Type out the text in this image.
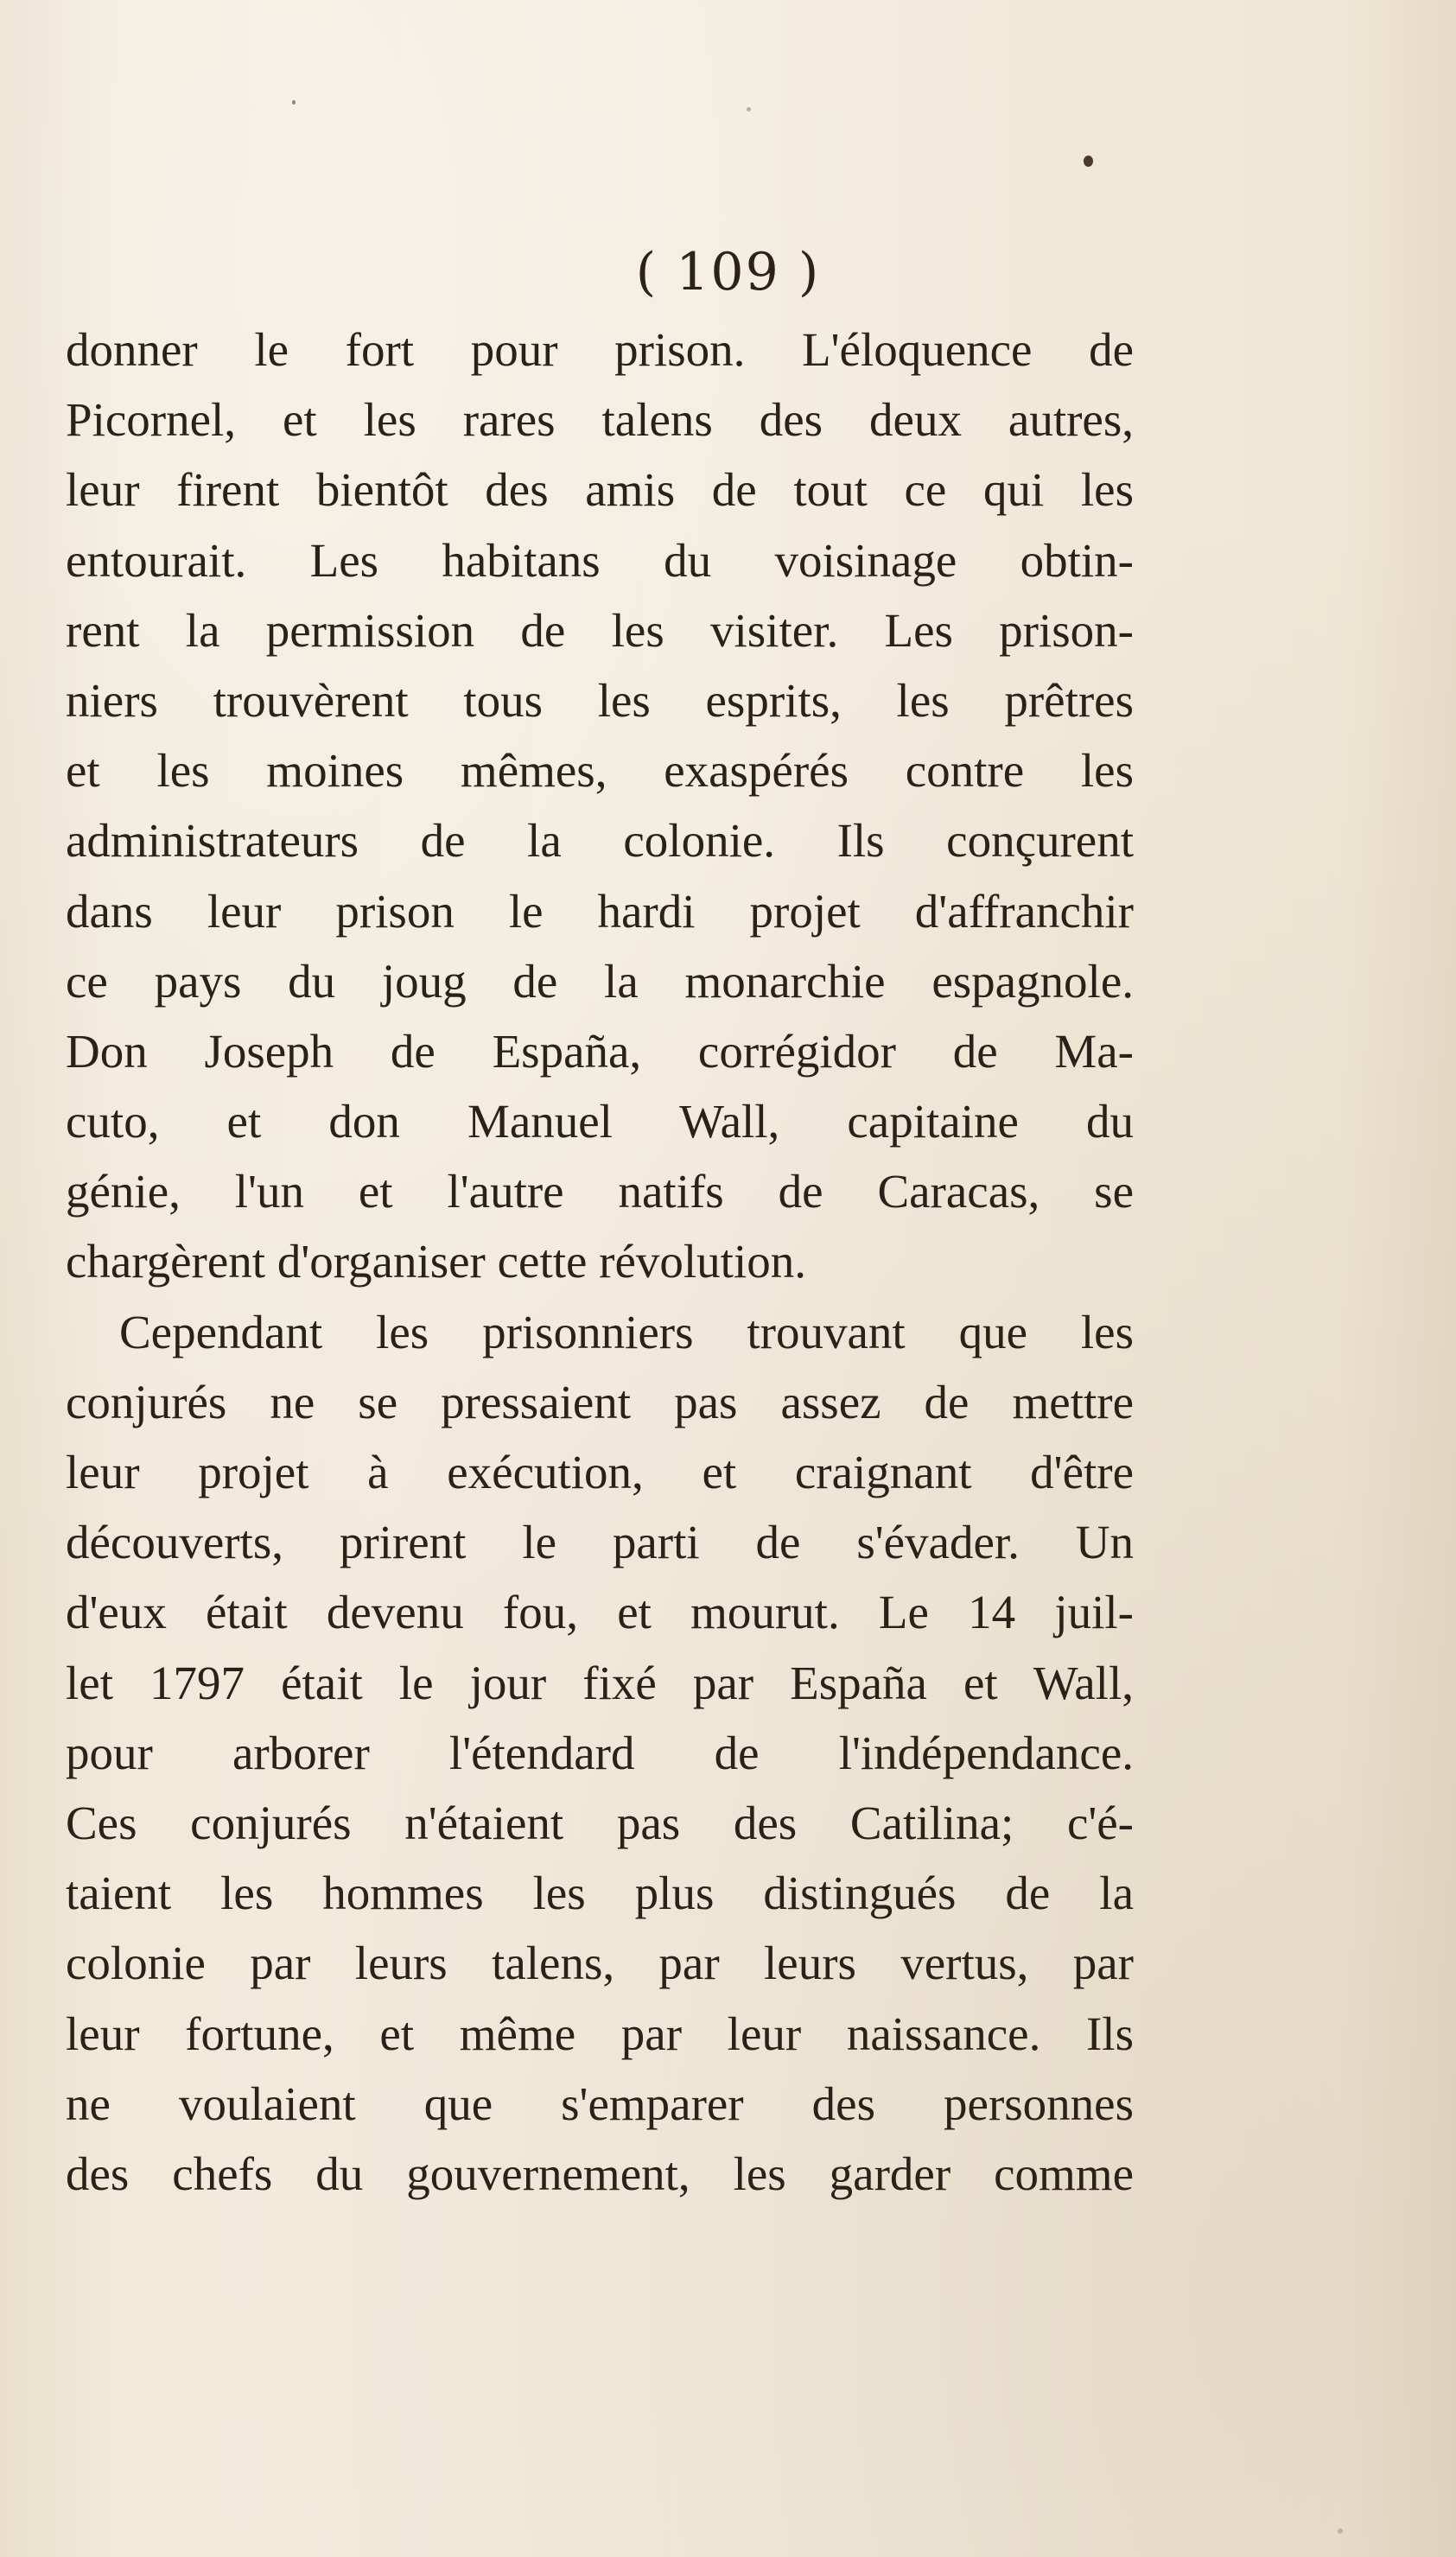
( 109 )
donner le fort pour prison. L'éloquence de
Picornel, et les rares talens des deux autres,
leur firent bientôt des amis de tout ce qui les
entourait. Les habitans du voisinage obtin-
rent la permission de les visiter. Les prison-
niers trouvèrent tous les esprits, les prêtres
et les moines mêmes, exaspérés contre les
administrateurs de la colonie. Ils conçurent
dans leur prison le hardi projet d'affranchir
ce pays du joug de la monarchie espagnole.
Don Joseph de España, corrégidor de Ma-
cuto, et don Manuel Wall, capitaine du
génie, l'un et l'autre natifs de Caracas, se
chargèrent d'organiser cette révolution.
Cependant les prisonniers trouvant que les
conjurés ne se pressaient pas assez de mettre
leur projet à exécution, et craignant d'être
découverts, prirent le parti de s'évader. Un
d'eux était devenu fou, et mourut. Le 14 juil-
let 1797 était le jour fixé par España et Wall,
pour arborer l'étendard de l'indépendance.
Ces conjurés n'étaient pas des Catilina; c'é-
taient les hommes les plus distingués de la
colonie par leurs talens, par leurs vertus, par
leur fortune, et même par leur naissance. Ils
ne voulaient que s'emparer des personnes
des chefs du gouvernement, les garder comme
